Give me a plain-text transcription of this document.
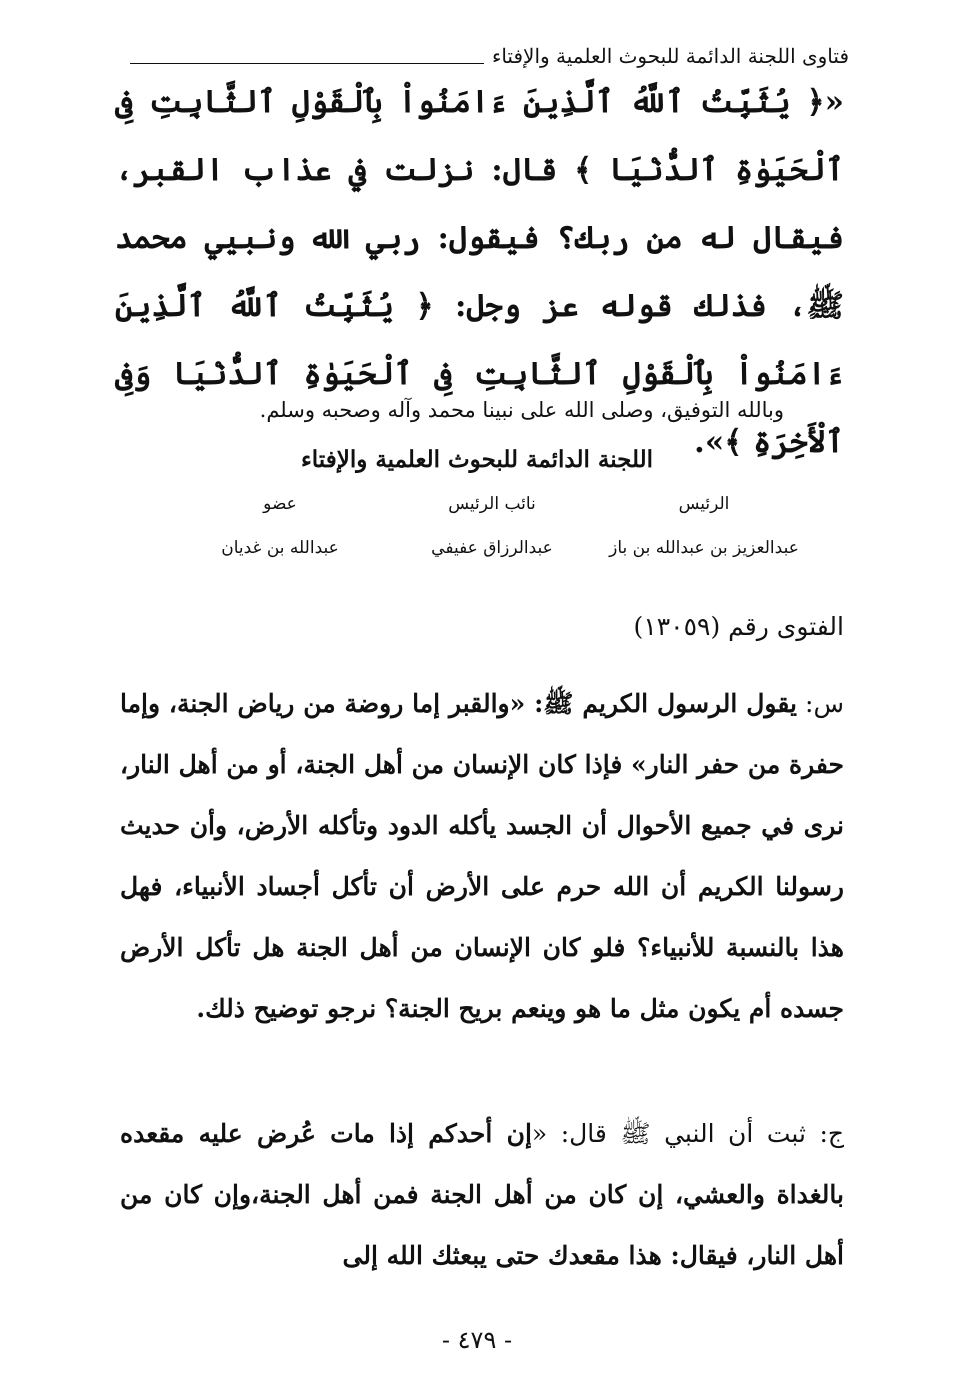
فتاوى اللجنة الدائمة للبحوث العلمية والإفتاء
«﴿ يُثَبِّتُ ٱللَّهُ ٱلَّذِينَ ءَامَنُواْ بِٱلْقَوْلِ ٱلثَّابِتِ فِى ٱلْحَيَوٰةِ ٱلدُّنْيَا ﴾ قال: نزلت في عذاب القبر، فيقال له من ربك؟ فيقول: ربي الله ونبيي محمد ﷺ، فذلك قوله عز وجل: ﴿ يُثَبِّتُ ٱللَّهُ ٱلَّذِينَ ءَامَنُواْ بِٱلْقَوْلِ ٱلثَّابِتِ فِى ٱلْحَيَوٰةِ ٱلدُّنْيَا وَفِى ٱلْأَخِرَةِ ﴾».
وبالله التوفيق، وصلى الله على نبينا محمد وآله وصحبه وسلم.
اللجنة الدائمة للبحوث العلمية والإفتاء
الرئيس
نائب الرئيس
عضو
عبدالعزيز بن عبدالله بن باز
عبدالرزاق عفيفي
عبدالله بن غديان
الفتوى رقم (١٣٠٥٩)
س: يقول الرسول الكريم ﷺ: «والقبر إما روضة من رياض الجنة، وإما حفرة من حفر النار» فإذا كان الإنسان من أهل الجنة، أو من أهل النار، نرى في جميع الأحوال أن الجسد يأكله الدود وتأكله الأرض، وأن حديث رسولنا الكريم أن الله حرم على الأرض أن تأكل أجساد الأنبياء، فهل هذا بالنسبة للأنبياء؟ فلو كان الإنسان من أهل الجنة هل تأكل الأرض جسده أم يكون مثل ما هو وينعم بريح الجنة؟ نرجو توضيح ذلك.
ج: ثبت أن النبي ﷺ قال: «إن أحدكم إذا مات عُرض عليه مقعده بالغداة والعشي، إن كان من أهل الجنة فمن أهل الجنة،وإن كان من أهل النار، فيقال: هذا مقعدك حتى يبعثك الله إلى
- ٤٧٩ -
